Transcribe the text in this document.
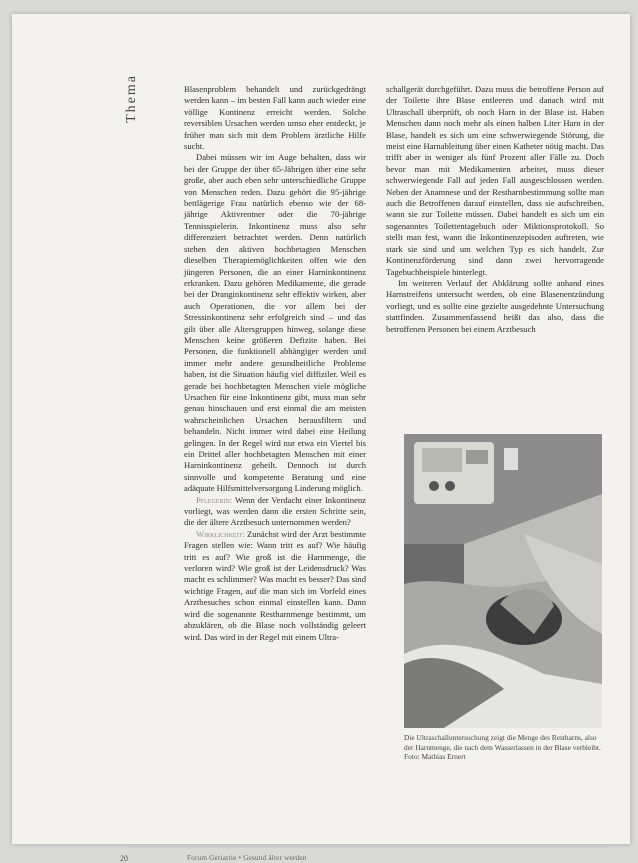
Thema	Blasenproblem behandelt und zurückgedrängt werden kann – im besten Fall kann auch wieder eine völlige Kontinenz erreicht werden. Solche reversiblen Ursachen werden umso eher entdeckt, je früher man sich mit dem Problem ärztliche Hilfe sucht.

Dabei müssen wir im Auge behalten, dass wir bei der Gruppe der über 65-Jährigen über eine sehr große, aber auch eben sehr unterschiedliche Gruppe von Menschen reden. Dazu gehört die 95-jährige bettlägerige Frau natürlich ebenso wie der 68-jährige Aktivrentner oder die 70-jährige Tennisspielerin. Inkontinenz muss also sehr differenziert betrachtet werden. Denn natürlich stehen den aktiven hochbetagten Menschen dieselben Therapiemöglichkeiten offen wie den jüngeren Personen, die an einer Harninkontinenz erkranken. Dazu gehören Medikamente, die gerade bei der Dranginkontinenz sehr effektiv wirken, aber auch Operationen, die vor allem bei der Stressinkontinenz sehr erfolgreich sind – und das gilt über alle Altersgruppen hinweg, solange diese Menschen keine größeren Defizite haben. Bei Personen, die funktionell abhängiger werden und immer mehr andere gesundheitliche Probleme haben, ist die Situation häufig viel diffiziler. Weil es gerade bei hochbetagten Menschen viele mögliche Ursachen für eine Inkontinenz gibt, muss man sehr genau hinschauen und erst einmal die am meisten wahrscheinlichen Ursachen herausfiltern und behandeln. Nicht immer wird dabei eine Heilung gelingen. In der Regel wird nur etwa ein Viertel bis ein Drittel aller hochbetagten Menschen mit einer Harninkontinenz geheilt. Dennoch ist durch sinnvolle und kompetente Beratung und eine adäquate Hilfsmittelversorgung Linderung möglich.

Pflegerin: Wenn der Verdacht einer Inkontinenz vorliegt, was werden dann die ersten Schritte sein, die der ältere Arztbesuch unternommen werden?

Wirklichkeit: Zunächst wird der Arzt bestimmte Fragen stellen wie: Wann tritt es auf? Wie häufig tritt es auf? Wie groß ist die Harnmenge, die verloren wird? Wie groß ist der Leidensdruck? Was macht es schlimmer? Was macht es besser? Das sind wichtige Fragen, auf die man sich im Vorfeld eines Arztbesuches schon einmal einstellen kann. Dann wird die sogenannte Restharnmenge bestimmt, um abzuklären, ob die Blase noch vollständig geleert wird. Das wird in der Regel mit einem Ultra-

schallgerät durchgeführt. Dazu muss die betroffene Person auf der Toilette ihre Blase entleeren und danach wird mit Ultraschall überprüft, ob noch Harn in der Blase ist. Haben Menschen dann noch mehr als einen halben Liter Harn in der Blase, handelt es sich um eine schwerwiegende Störung, die meist eine Harnableitung über einen Katheter nötig macht. Das trifft aber in weniger als fünf Prozent aller Fälle zu. Doch bevor man mit Medikamenten arbeitet, muss dieser schwerwiegende Fall auf jeden Fall ausgeschlossen werden. Neben der Anamnese und der Restharnbestimmung sollte man auch die Betroffenen darauf einstellen, dass sie aufschreiben, wann sie zur Toilette müssen. Dabei handelt es sich um ein sogenanntes Toilettentagebuch oder Miktionsprotokoll. So stellt man fest, wann die Inkontinenzepisoden auftreten, wie stark sie sind und um welchen Typ es sich handelt. Zur Kontinenzförderung sind dann zwei hervorragende Tagebuchbeispiele hinterlegt.

Im weiteren Verlauf der Abklärung sollte anhand eines Harnstreifens untersucht werden, ob eine Blasenentzündung vorliegt, und es sollte eine gezielte ausgedehnte Untersuchung stattfinden. Zusammenfassend heißt das also, dass die betroffenen Personen bei einem Arztbesuch

Die Ultraschalluntersuchung zeigt die Menge des Restharns, also der Harnmenge, die nach dem Wasserlassen in der Blase verbleibt. Foto: Mathias Ernert
20	Forum Geriatrie • Gesund älter werden
